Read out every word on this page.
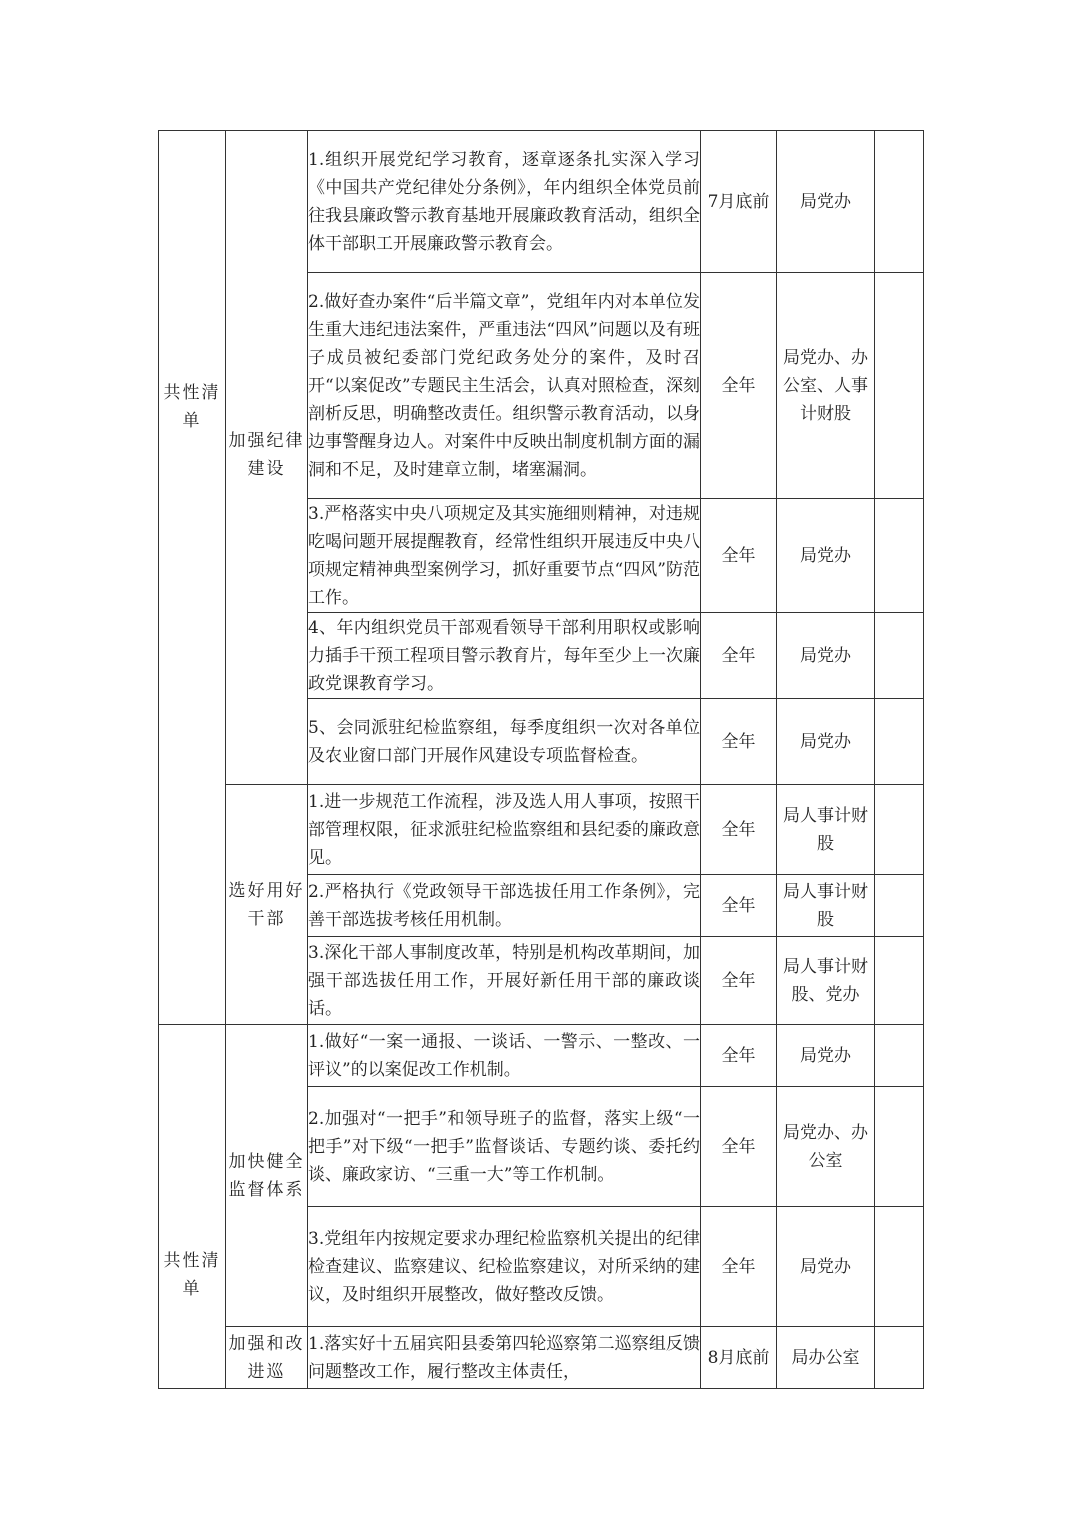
共性清单	加强纪律建设	1.组织开展党纪学习教育，逐章逐条扎实深入学习《中国共产党纪律处分条例》，年内组织全体党员前往我县廉政警示教育基地开展廉政教育活动，组织全体干部职工开展廉政警示教育会。	7月底前	局党办	

		2.做好查办案件“后半篇文章”，党组年内对本单位发生重大违纪违法案件，严重违法“四风”问题以及有班子成员被纪委部门党纪政务处分的案件，及时召开“以案促改”专题民主生活会，认真对照检查，深刻剖析反思，明确整改责任。组织警示教育活动，以身边事警醒身边人。对案件中反映出制度机制方面的漏洞和不足，及时建章立制，堵塞漏洞。	全年	局党办、办公室、人事计财股	

		3.严格落实中央八项规定及其实施细则精神，对违规吃喝问题开展提醒教育，经常性组织开展违反中央八项规定精神典型案例学习，抓好重要节点“四风”防范工作。	全年	局党办	

		4、年内组织党员干部观看领导干部利用职权或影响力插手干预工程项目警示教育片，每年至少上一次廉政党课教育学习。	全年	局党办	

		5、会同派驻纪检监察组，每季度组织一次对各单位及农业窗口部门开展作风建设专项监督检查。	全年	局党办	

	选好用好干部	1.进一步规范工作流程，涉及选人用人事项，按照干部管理权限，征求派驻纪检监察组和县纪委的廉政意见。	全年	局人事计财股	

		2.严格执行《党政领导干部选拔任用工作条例》，完善干部选拔考核任用机制。	全年	局人事计财股	

		3.深化干部人事制度改革，特别是机构改革期间，加强干部选拔任用工作，开展好新任用干部的廉政谈话。	全年	局人事计财股、党办	

共性清单	加快健全监督体系	1.做好“一案一通报、一谈话、一警示、一整改、一评议”的以案促改工作机制。	全年	局党办	

		2.加强对“一把手”和领导班子的监督，落实上级“一把手”对下级“一把手”监督谈话、专题约谈、委托约谈、廉政家访、“三重一大”等工作机制。	全年	局党办、办公室	

		3.党组年内按规定要求办理纪检监察机关提出的纪律检查建议、监察建议、纪检监察建议，对所采纳的建议，及时组织开展整改，做好整改反馈。	全年	局党办	

	加强和改进巡	1.落实好十五届宾阳县委第四轮巡察第二巡察组反馈问题整改工作，履行整改主体责任，	8月底前	局办公室	
